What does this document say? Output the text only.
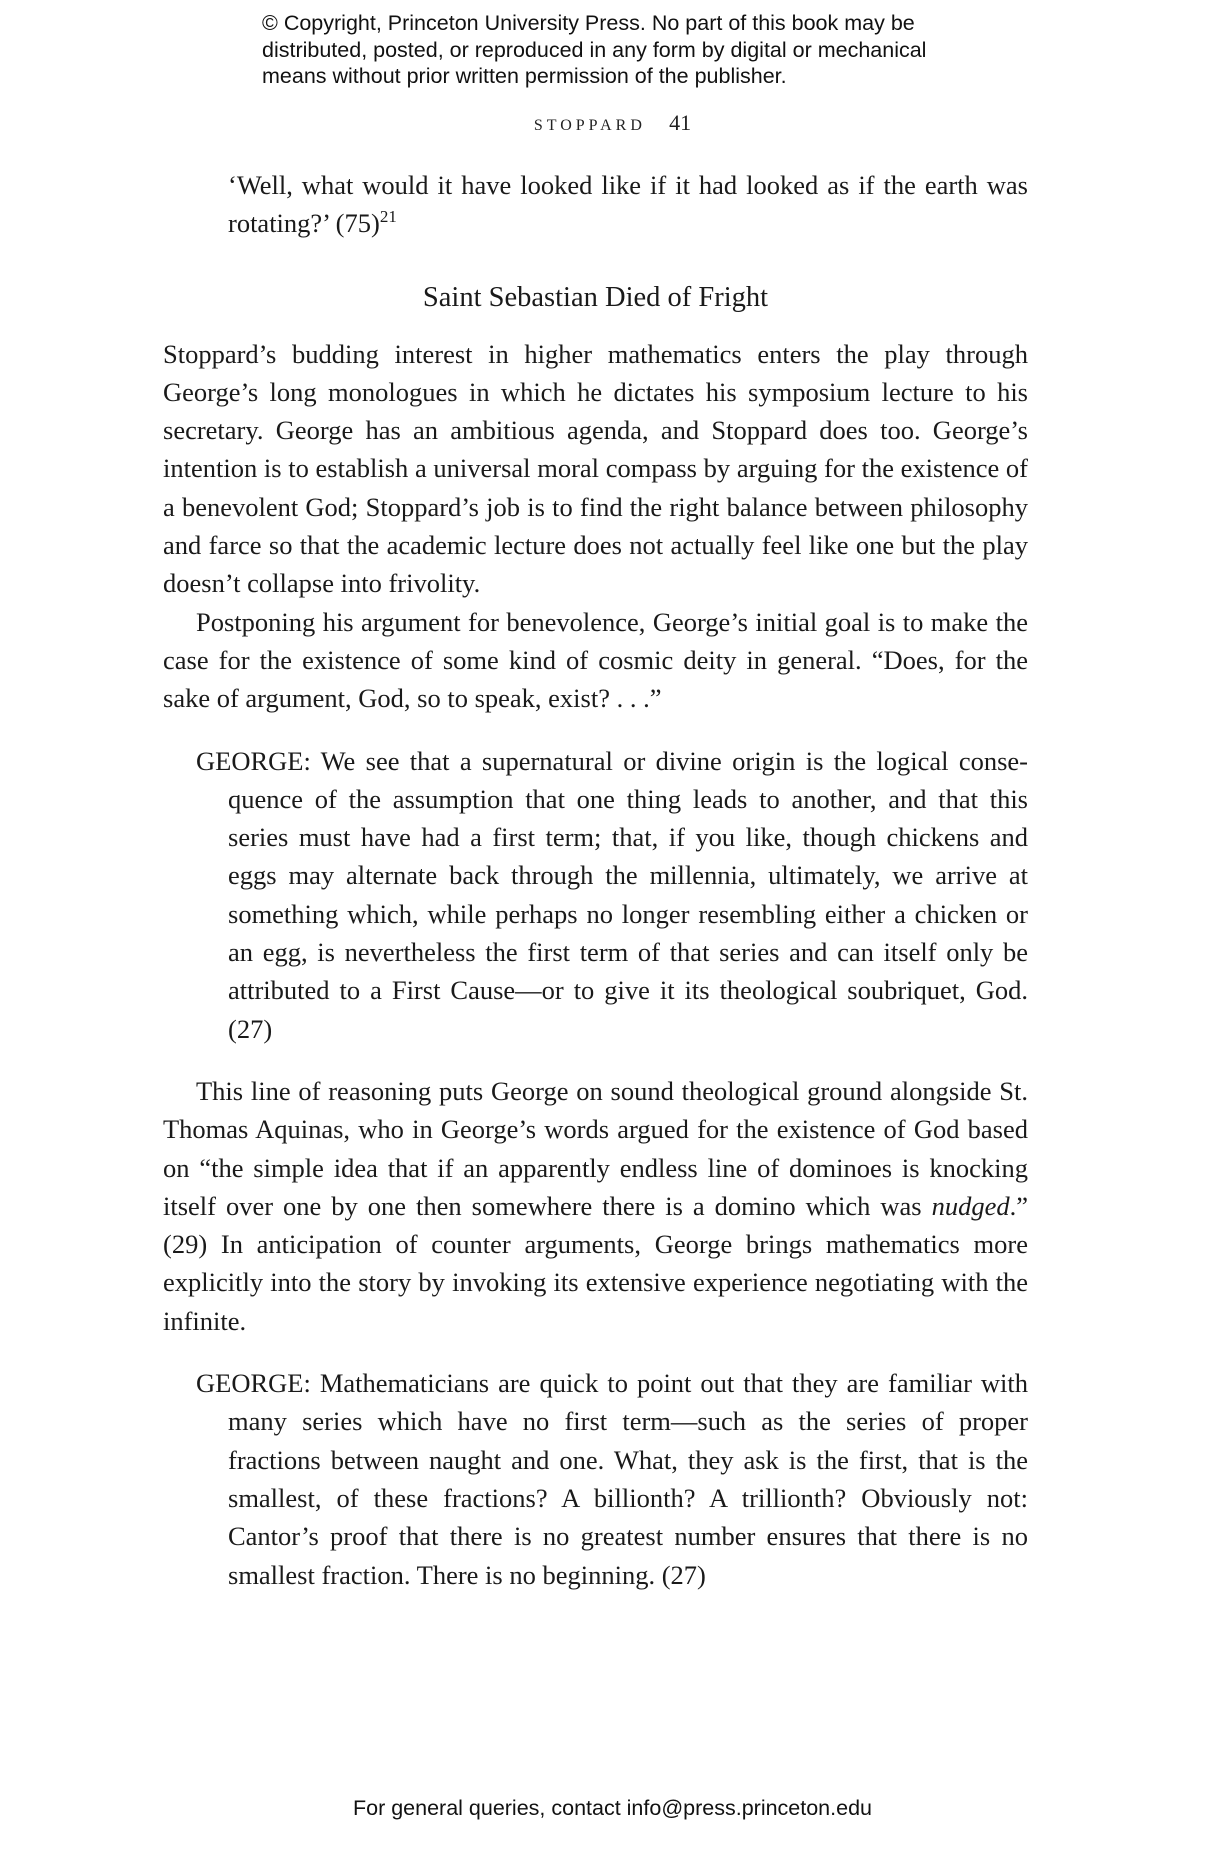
© Copyright, Princeton University Press. No part of this book may be
distributed, posted, or reproduced in any form by digital or mechanical
means without prior written permission of the publisher.
stoppard 41
‘Well, what would it have looked like if it had looked as if the earth was rotating?’ $(75)^{21}$
Saint Sebastian Died of Fright

Stoppard’s budding interest in higher mathematics enters the play through George’s long monologues in which he dictates his symposium lecture to his secretary. George has an ambitious agenda, and Stoppard does too. George’s intention is to establish a universal moral compass by arguing for the existence of a benevolent God; Stoppard’s job is to find the right balance between philosophy and farce so that the academic lecture does not actually feel like one but the play doesn’t collapse into frivolity.

Postponing his argument for benevolence, George’s initial goal is to make the case for the existence of some kind of cosmic deity in general. “Does, for the sake of argument, God, so to speak, exist? . . .”

GEORGE: We see that a supernatural or divine origin is the logical consequence of the assumption that one thing leads to another, and that this series must have had a first term; that, if you like, though chickens and eggs may alternate back through the millennia, ultimately, we arrive at something which, while perhaps no longer resembling either a chicken or an egg, is nevertheless the first term of that series and can itself only be attributed to a First Cause—or to give it its theological soubriquet, God. (27)

This line of reasoning puts George on sound theological ground alongside St. Thomas Aquinas, who in George’s words argued for the existence of God based on “the simple idea that if an apparently endless line of dominoes is knocking itself over one by one then somewhere there is a domino which was nudged.” (29) In anticipation of counter arguments, George brings mathematics more explicitly into the story by invoking its extensive experience negotiating with the infinite.

GEORGE: Mathematicians are quick to point out that they are familiar with many series which have no first term—such as the series of proper fractions between naught and one. What, they ask is the first, that is the smallest, of these fractions? A billionth? A trillionth? Obviously not: Cantor’s proof that there is no greatest number ensures that there is no smallest fraction. There is no beginning. (27)
For general queries, contact info@press.princeton.edu
